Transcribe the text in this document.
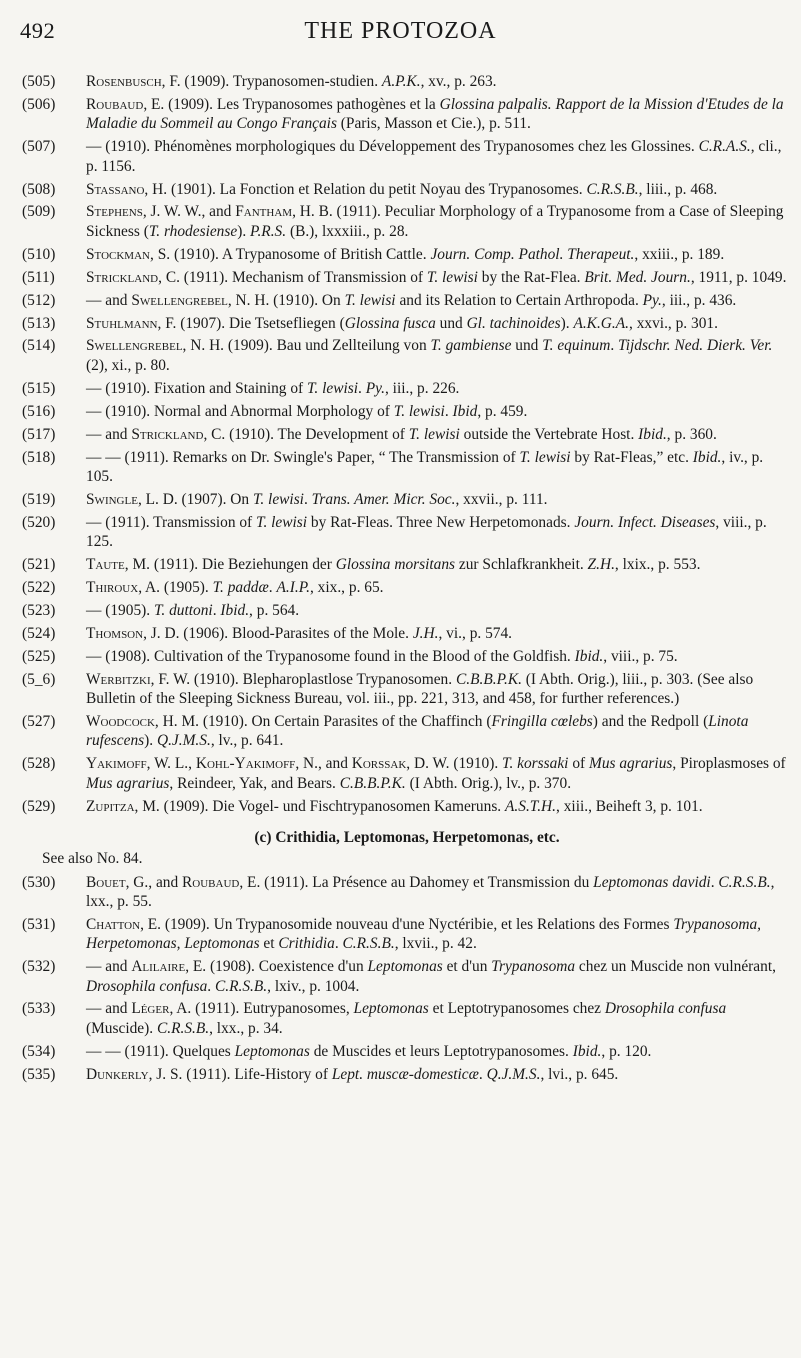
492	THE PROTOZOA
(505) Rosenbusch, F. (1909). Trypanosomen-studien. A.P.K., xv., p. 263.
(506) Roubaud, E. (1909). Les Trypanosomes pathogènes et la Glossina palpalis. Rapport de la Mission d'Etudes de la Maladie du Sommeil au Congo Français (Paris, Masson et Cie.), p. 511.
(507) — (1910). Phénomènes morphologiques du Développement des Trypanosomes chez les Glossines. C.R.A.S., cli., p. 1156.
(508) Stassano, H. (1901). La Fonction et Relation du petit Noyau des Trypanosomes. C.R.S.B., liii., p. 468.
(509) Stephens, J. W. W., and Fantham, H. B. (1911). Peculiar Morphology of a Trypanosome from a Case of Sleeping Sickness (T. rhodesiense). P.R.S. (B.), lxxxiii., p. 28.
(510) Stockman, S. (1910). A Trypanosome of British Cattle. Journ. Comp. Pathol. Therapeut., xxiii., p. 189.
(511) Strickland, C. (1911). Mechanism of Transmission of T. lewisi by the Rat-Flea. Brit. Med. Journ., 1911, p. 1049.
(512) — and Swellengrebel, N. H. (1910). On T. lewisi and its Relation to Certain Arthropoda. Py., iii., p. 436.
(513) Stuhlmann, F. (1907). Die Tsetsefliegen (Glossina fusca und Gl. tachinoides). A.K.G.A., xxvi., p. 301.
(514) Swellengrebel, N. H. (1909). Bau und Zellteilung von T. gambiense und T. equinum. Tijdschr. Ned. Dierk. Ver. (2), xi., p. 80.
(515) — (1910). Fixation and Staining of T. lewisi. Py., iii., p. 226.
(516) — (1910). Normal and Abnormal Morphology of T. lewisi. Ibid, p. 459.
(517) — and Strickland, C. (1910). The Development of T. lewisi outside the Vertebrate Host. Ibid., p. 360.
(518) — — (1911). Remarks on Dr. Swingle's Paper, “ The Transmission of T. lewisi by Rat-Fleas,” etc. Ibid., iv., p. 105.
(519) Swingle, L. D. (1907). On T. lewisi. Trans. Amer. Micr. Soc., xxvii., p. 111.
(520) — (1911). Transmission of T. lewisi by Rat-Fleas. Three New Herpetomonads. Journ. Infect. Diseases, viii., p. 125.
(521) Taute, M. (1911). Die Beziehungen der Glossina morsitans zur Schlafkrankheit. Z.H., lxix., p. 553.
(522) Thiroux, A. (1905). T. paddæ. A.I.P., xix., p. 65.
(523) — (1905). T. duttoni. Ibid., p. 564.
(524) Thomson, J. D. (1906). Blood-Parasites of the Mole. J.H., vi., p. 574.
(525) — (1908). Cultivation of the Trypanosome found in the Blood of the Goldfish. Ibid., viii., p. 75.
(5_6) Werbitzki, F. W. (1910). Blepharoplastlose Trypanosomen. C.B.B.P.K. (I Abth. Orig.), liii., p. 303. (See also Bulletin of the Sleeping Sickness Bureau, vol. iii., pp. 221, 313, and 458, for further references.)
(527) Woodcock, H. M. (1910). On Certain Parasites of the Chaffinch (Fringilla cœlebs) and the Redpoll (Linota rufescens). Q.J.M.S., lv., p. 641.
(528) Yakimoff, W. L., Kohl-Yakimoff, N., and Korssak, D. W. (1910). T. korssaki of Mus agrarius, Piroplasmoses of Mus agrarius, Reindeer, Yak, and Bears. C.B.B.P.K. (I Abth. Orig.), lv., p. 370.
(529) Zupitza, M. (1909). Die Vogel- und Fischtrypanosomen Kameruns. A.S.T.H., xiii., Beiheft 3, p. 101.
(c) Crithidia, Leptomonas, Herpetomonas, etc.
See also No. 84.
(530) Bouet, G., and Roubaud, E. (1911). La Présence au Dahomey et Transmission du Leptomonas davidi. C.R.S.B., lxx., p. 55.
(531) Chatton, E. (1909). Un Trypanosomide nouveau d'une Nyctéribie, et les Relations des Formes Trypanosoma, Herpetomonas, Leptomonas et Crithidia. C.R.S.B., lxvii., p. 42.
(532) — and Alilaire, E. (1908). Coexistence d'un Leptomonas et d'un Trypanosoma chez un Muscide non vulnérant, Drosophila confusa. C.R.S.B., lxiv., p. 1004.
(533) — and Léger, A. (1911). Eutrypanosomes, Leptomonas et Leptotrypanosomes chez Drosophila confusa (Muscide). C.R.S.B., lxx., p. 34.
(534) — — (1911). Quelques Leptomonas de Muscides et leurs Leptotrypanosomes. Ibid., p. 120.
(535) Dunkerly, J. S. (1911). Life-History of Lept. muscæ-domesticæ. Q.J.M.S., lvi., p. 645.
